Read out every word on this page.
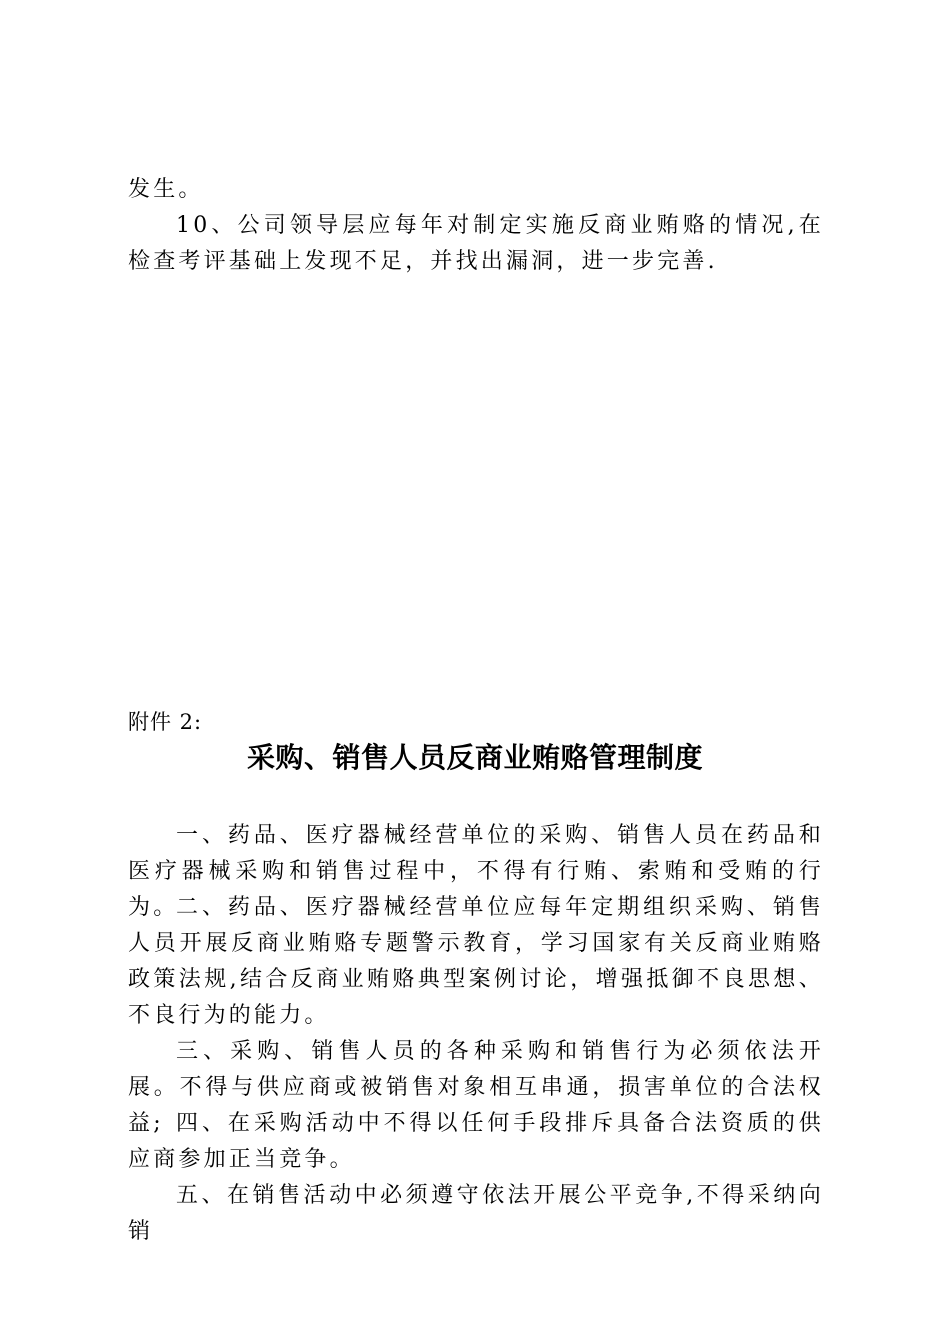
发生。

10、公司领导层应每年对制定实施反商业贿赂的情况,在检查考评基础上发现不足，并找出漏洞，进一步完善.

附件 2:

采购、销售人员反商业贿赂管理制度

一、药品、医疗器械经营单位的采购、销售人员在药品和医疗器械采购和销售过程中，不得有行贿、索贿和受贿的行为。

二、药品、医疗器械经营单位应每年定期组织采购、销售人员开展反商业贿赂专题警示教育，学习国家有关反商业贿赂政策法规,结合反商业贿赂典型案例讨论，增强抵御不良思想、不良行为的能力。

三、采购、销售人员的各种采购和销售行为必须依法开展。不得与供应商或被销售对象相互串通，损害单位的合法权益; 四、在采购活动中不得以任何手段排斥具备合法资质的供应商参加正当竞争。

五、在销售活动中必须遵守依法开展公平竞争,不得采纳向销
